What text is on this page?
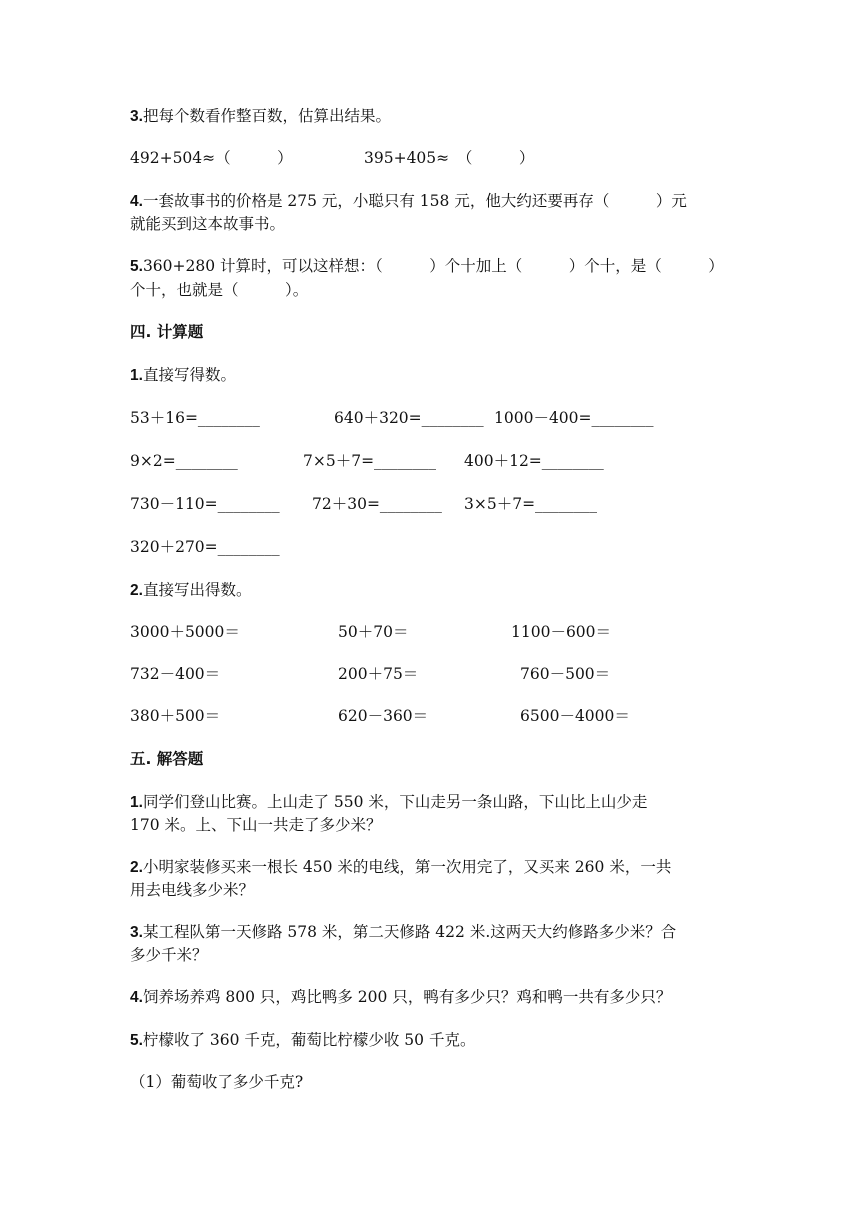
3.把每个数看作整百数，估算出结果。
492+504≈（　　　）	395+405≈　（　　　）
4.一套故事书的价格是 275 元，小聪只有 158 元，他大约还要再存（　　　）元
就能买到这本故事书。
5.360+280 计算时，可以这样想：（　　　）个十加上（　　　）个十，是（　　　）
个十，也就是（　　　）。
四. 计算题
1.直接写得数。
53＋16=________	640＋320=________ 1000－400=________
9×2=________	7×5＋7=________ 400＋12=________
730－110=________ 72＋30=________ 3×5＋7=________
320＋270=________
2.直接写出得数。
3000＋5000＝	50＋70＝	1100－600＝
732－400＝	200＋75＝	760－500＝
380＋500＝	620－360＝	6500－4000＝
五. 解答题
1.同学们登山比赛。上山走了 550 米，下山走另一条山路，下山比上山少走
170 米。上、下山一共走了多少米？
2.小明家装修买来一根长 450 米的电线，第一次用完了，又买来 260 米，一共
用去电线多少米？
3.某工程队第一天修路 578 米，第二天修路 422 米.这两天大约修路多少米？合
多少千米？
4.饲养场养鸡 800 只，鸡比鸭多 200 只，鸭有多少只？鸡和鸭一共有多少只？
5.柠檬收了 360 千克，葡萄比柠檬少收 50 千克。
（1）葡萄收了多少千克?
